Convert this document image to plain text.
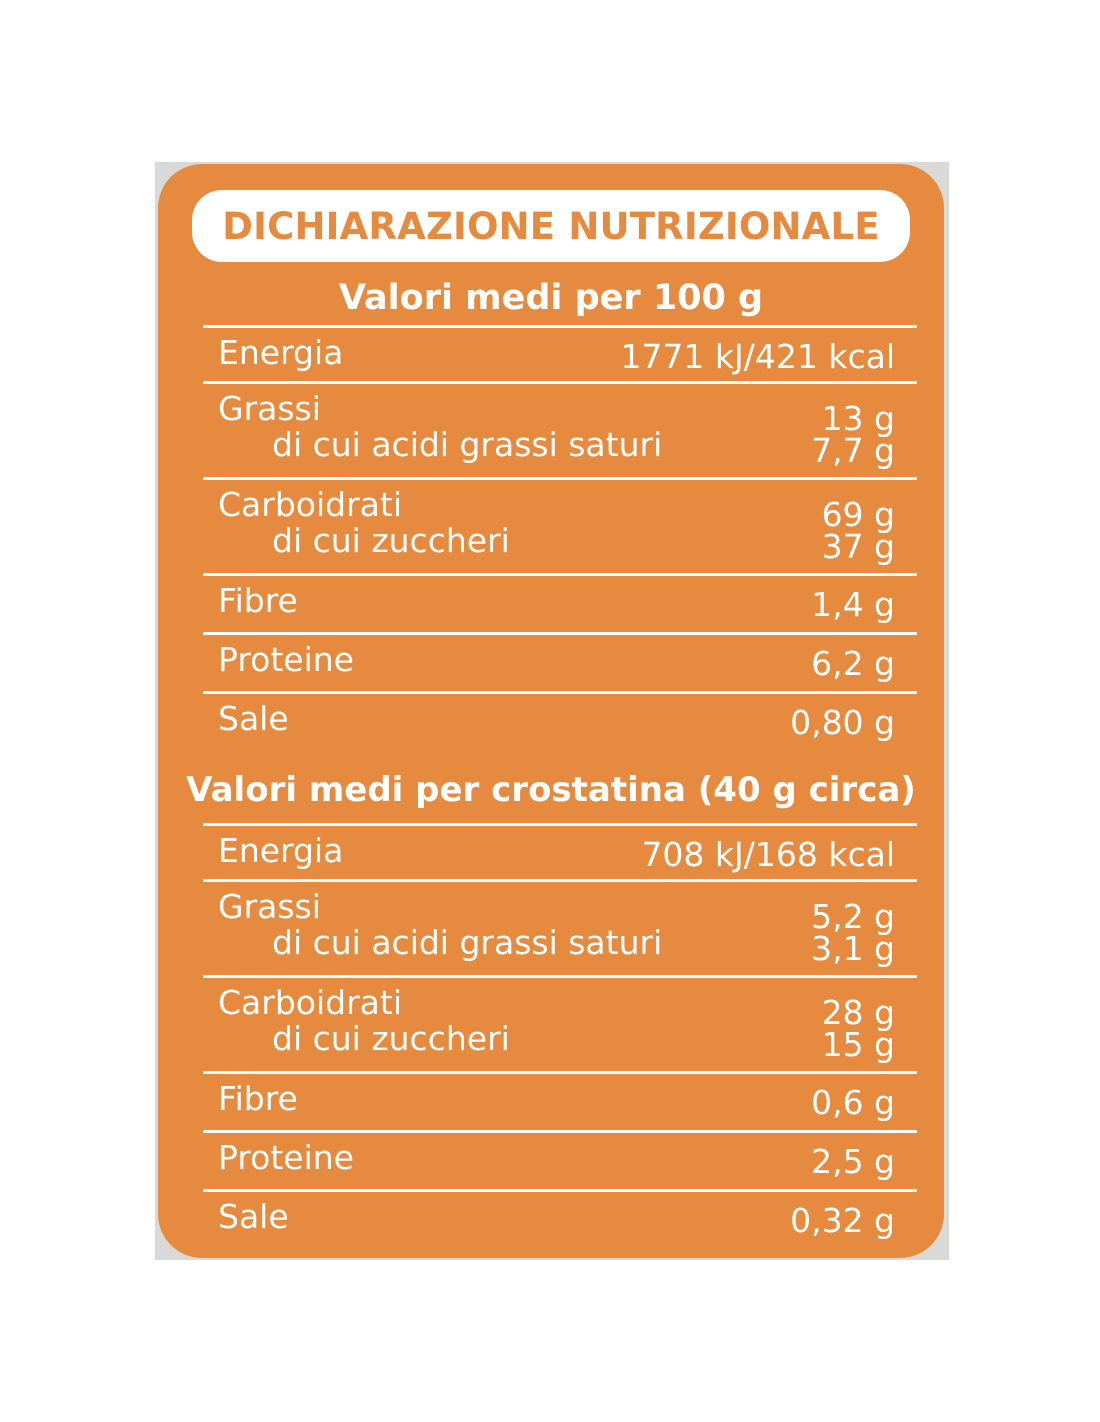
DICHIARAZIONE NUTRIZIONALE
Valori medi per 100 g
Energia	1771 kJ/421 kcal
Grassi	13 g
di cui acidi grassi saturi	7,7 g
Carboidrati	69 g
di cui zuccheri	37 g
Fibre	1,4 g
Proteine	6,2 g
Sale	0,80 g
Valori medi per crostatina (40 g circa)
Energia	708 kJ/168 kcal
Grassi	5,2 g
di cui acidi grassi saturi	3,1 g
Carboidrati	28 g
di cui zuccheri	15 g
Fibre	0,6 g
Proteine	2,5 g
Sale	0,32 g
